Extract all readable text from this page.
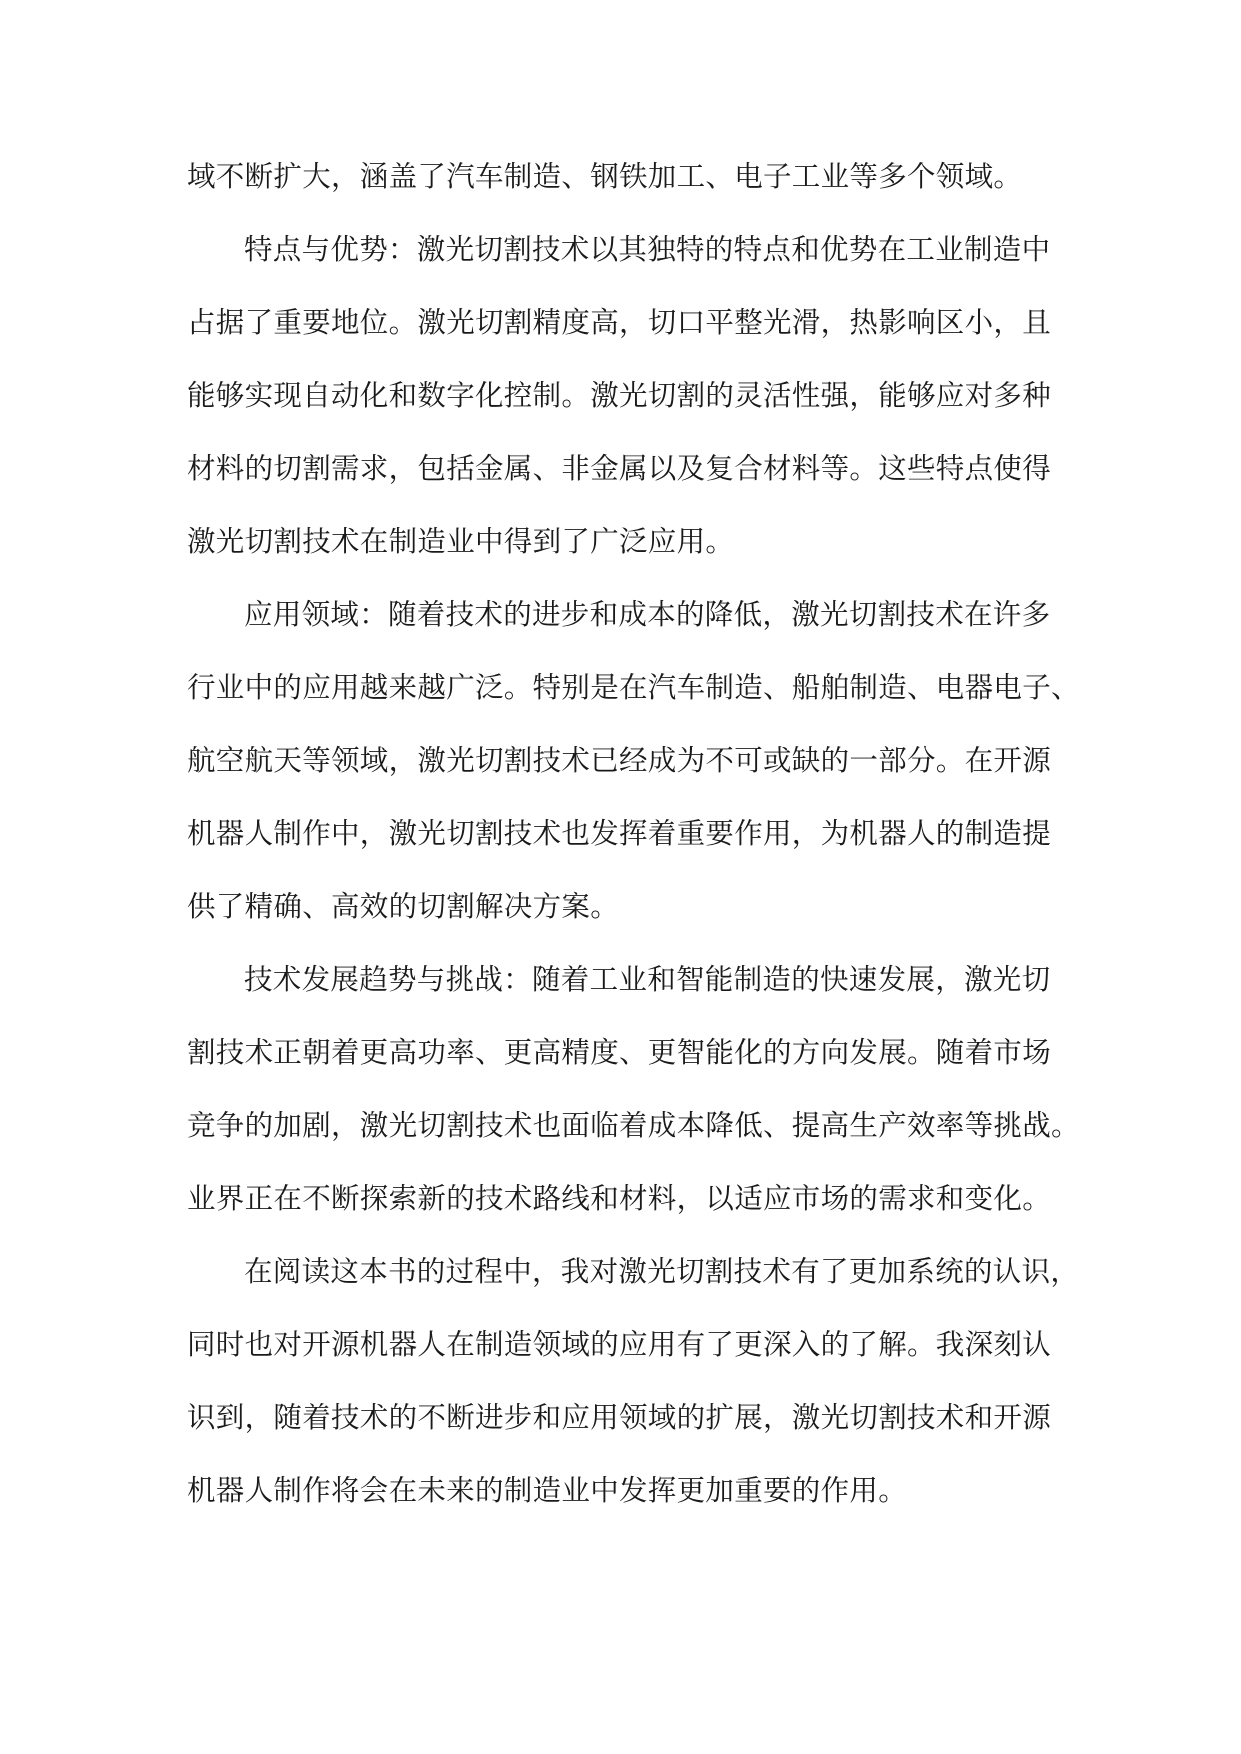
域不断扩大，涵盖了汽车制造、钢铁加工、电子工业等多个领域。
特点与优势：激光切割技术以其独特的特点和优势在工业制造中
占据了重要地位。激光切割精度高，切口平整光滑，热影响区小，且
能够实现自动化和数字化控制。激光切割的灵活性强，能够应对多种
材料的切割需求，包括金属、非金属以及复合材料等。这些特点使得
激光切割技术在制造业中得到了广泛应用。
应用领域：随着技术的进步和成本的降低，激光切割技术在许多
行业中的应用越来越广泛。特别是在汽车制造、船舶制造、电器电子、
航空航天等领域，激光切割技术已经成为不可或缺的一部分。在开源
机器人制作中，激光切割技术也发挥着重要作用，为机器人的制造提
供了精确、高效的切割解决方案。
技术发展趋势与挑战：随着工业和智能制造的快速发展，激光切
割技术正朝着更高功率、更高精度、更智能化的方向发展。随着市场
竞争的加剧，激光切割技术也面临着成本降低、提高生产效率等挑战。
业界正在不断探索新的技术路线和材料，以适应市场的需求和变化。
在阅读这本书的过程中，我对激光切割技术有了更加系统的认识，
同时也对开源机器人在制造领域的应用有了更深入的了解。我深刻认
识到，随着技术的不断进步和应用领域的扩展，激光切割技术和开源
机器人制作将会在未来的制造业中发挥更加重要的作用。
